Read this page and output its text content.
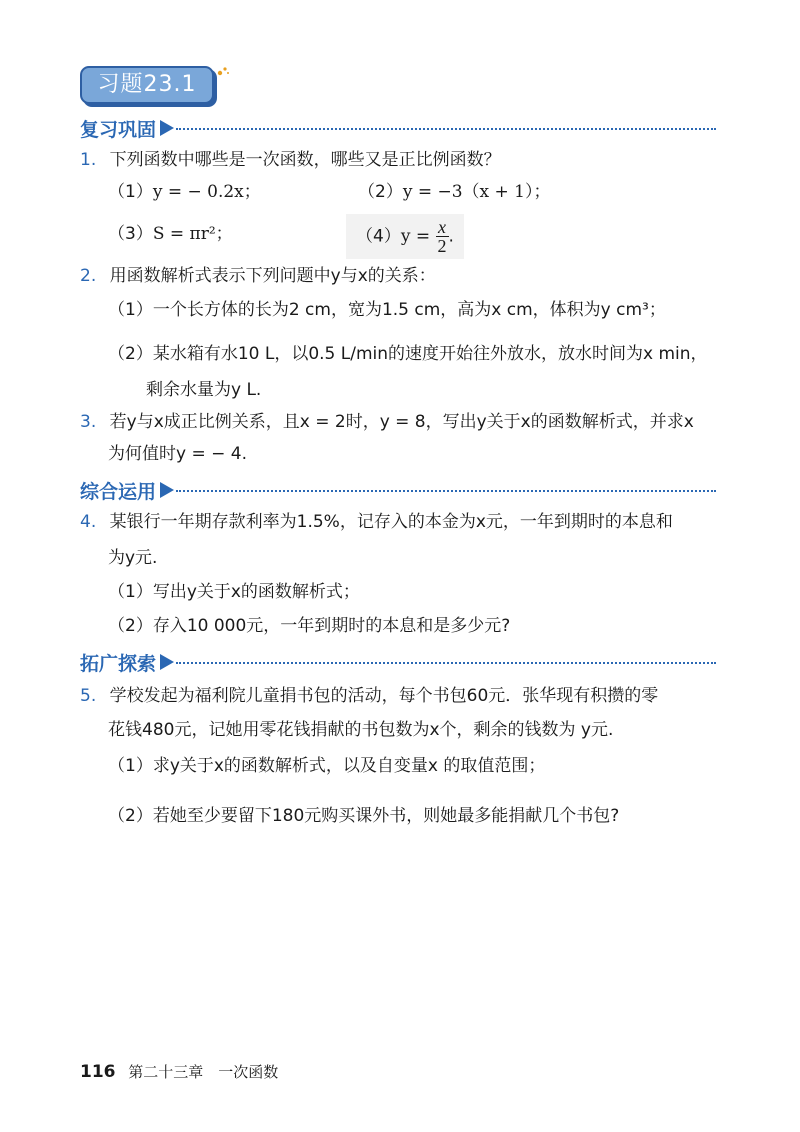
习题23.1
复习巩固
1. 下列函数中哪些是一次函数，哪些又是正比例函数？
（1）y = − 0.2x；	（2）y = −3（x + 1）；
（3）S = πr²；	$(4)y = \frac{x}{2}$ .
2. 用函数解析式表示下列问题中y与x的关系：
（1）一个长方体的长为2 cm，宽为1.5 cm，高为x cm，体积为y cm³；
（2）某水箱有水10 L，以0.5 L/min的速度开始往外放水，放水时间为x min，
剩余水量为y L.
3. 若y与x成正比例关系，且x = 2时，y = 8，写出y关于x的函数解析式，并求x
为何值时y = − 4.
综合运用
4. 某银行一年期存款利率为1.5%，记存入的本金为x元，一年到期时的本息和
为y元.
（1）写出y关于x的函数解析式；
（2）存入10 000元，一年到期时的本息和是多少元?
拓广探索
5. 学校发起为福利院儿童捐书包的活动，每个书包60元．张华现有积攒的零
花钱480元，记她用零花钱捐献的书包数为x个，剩余的钱数为 y元.
（1）求y关于x的函数解析式，以及自变量x 的取值范围；
（2）若她至少要留下180元购买课外书，则她最多能捐献几个书包?
116 第二十三章　一次函数
